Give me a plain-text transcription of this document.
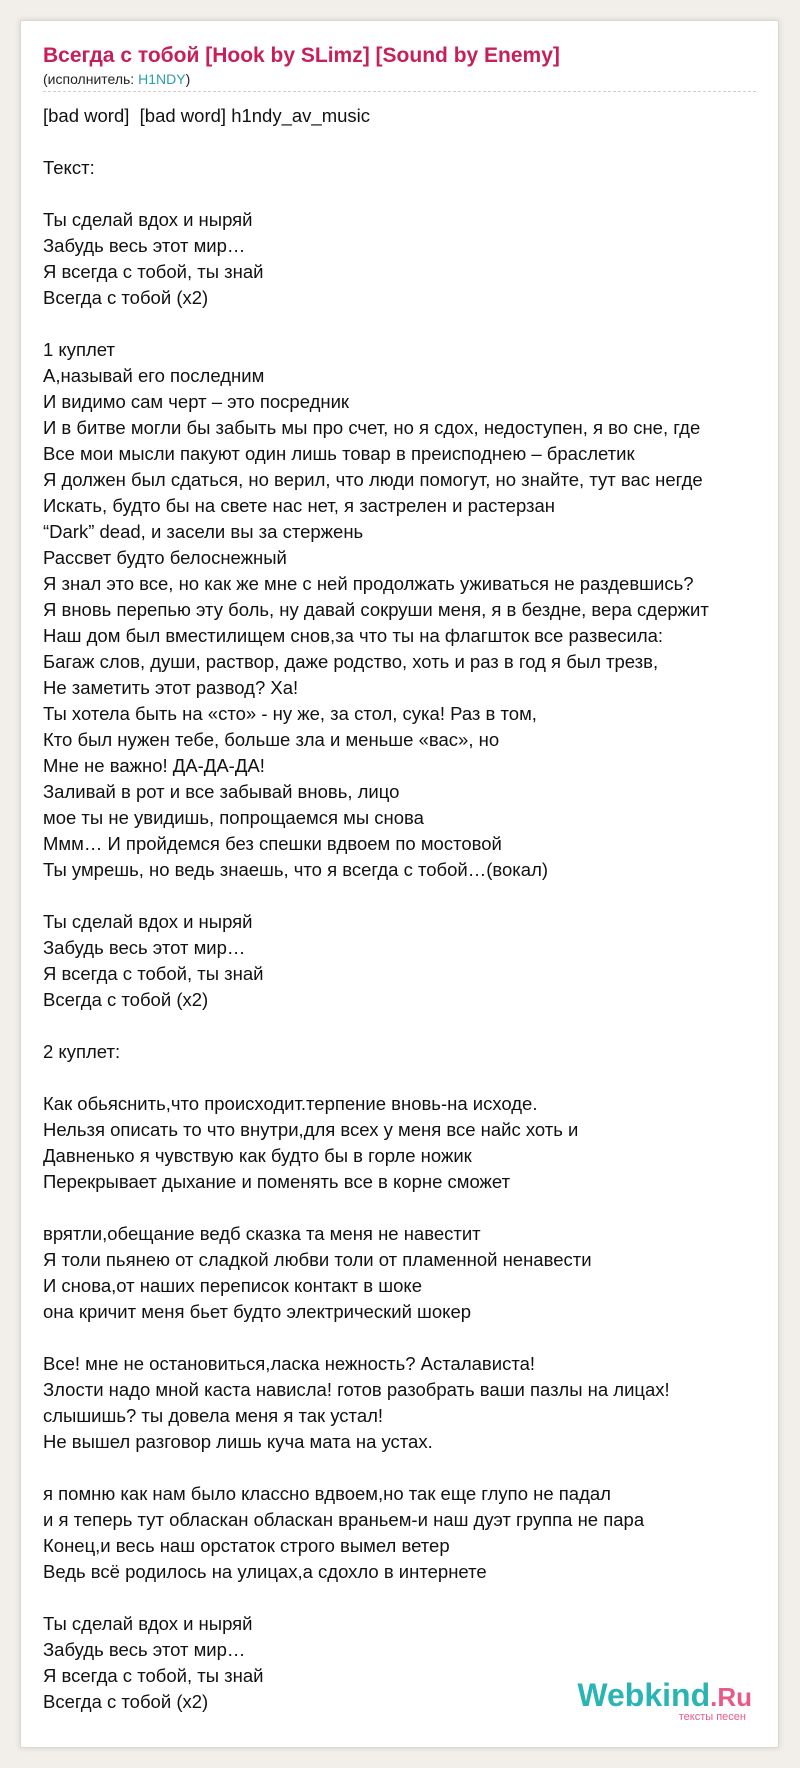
Всегда с тобой [Hook by SLimz] [Sound by Enemy]
(исполнитель: H1NDY)
[bad word]  [bad word] h1ndy_av_music
Текст:
Ты сделай вдох и ныряй
Забудь весь этот мир…
Я всегда с тобой, ты знай
Всегда с тобой (x2)
1 куплет
А,называй его последним
И видимо сам черт – это посредник
И в битве могли бы забыть мы про счет, но я сдох, недоступен, я во сне, где
Все мои мысли пакуют один лишь товар в преисподнею – браслетик
Я должен был сдаться, но верил, что люди помогут, но знайте, тут вас негде
Искать, будто бы на свете нас нет, я застрелен и растерзан
“Dark” dead, и засели вы за стержень
Рассвет будто белоснежный
Я знал это все, но как же мне с ней продолжать уживаться не раздевшись?
Я вновь перепью эту боль, ну давай сокруши меня, я в бездне, вера сдержит
Наш дом был вместилищем снов,за что ты на флагшток все развесила:
Багаж слов, души, раствор, даже родство, хоть и раз в год я был трезв,
Не заметить этот развод? Ха!
Ты хотела быть на «сто» - ну же, за стол, сука! Раз в том,
Кто был нужен тебе, больше зла и меньше «вас», но
Мне не важно! ДА-ДА-ДА!
Заливай в рот и все забывай вновь, лицо
мое ты не увидишь, попрощаемся мы снова
Ммм… И пройдемся без спешки вдвоем по мостовой
Ты умрешь, но ведь знаешь, что я всегда с тобой…(вокал)
Ты сделай вдох и ныряй
Забудь весь этот мир…
Я всегда с тобой, ты знай
Всегда с тобой (x2)
2 куплет:
Как обьяснить,что происходит.терпение вновь-на исходе.
Нельзя описать то что внутри,для всех у меня все найс хоть и
Давненько я чувствую как будто бы в горле ножик
Перекрывает дыхание и поменять все в корне сможет
врятли,обещание ведб сказка та меня не навестит
Я толи пьянею от сладкой любви толи от пламенной ненавести
И снова,от наших переписок контакт в шоке
она кричит меня бьет будто электрический шокер
Все! мне не остановиться,ласка нежность? Асталависта!
Злости надо мной каста нависла! готов разобрать ваши пазлы на лицах!
слышишь? ты довела меня я так устал!
Не вышел разговор лишь куча мата на устах.
я помню как нам было классно вдвоем,но так еще глупо не падал
и я теперь тут обласкан обласкан враньем-и наш дуэт группа не пара
Конец,и весь наш орстаток строго вымел ветер
Ведь всё родилось на улицах,а сдохло в интернете
Ты сделай вдох и ныряй
Забудь весь этот мир…
Я всегда с тобой, ты знай
Всегда с тобой (x2)	Webkind.Ru
тексты песен
